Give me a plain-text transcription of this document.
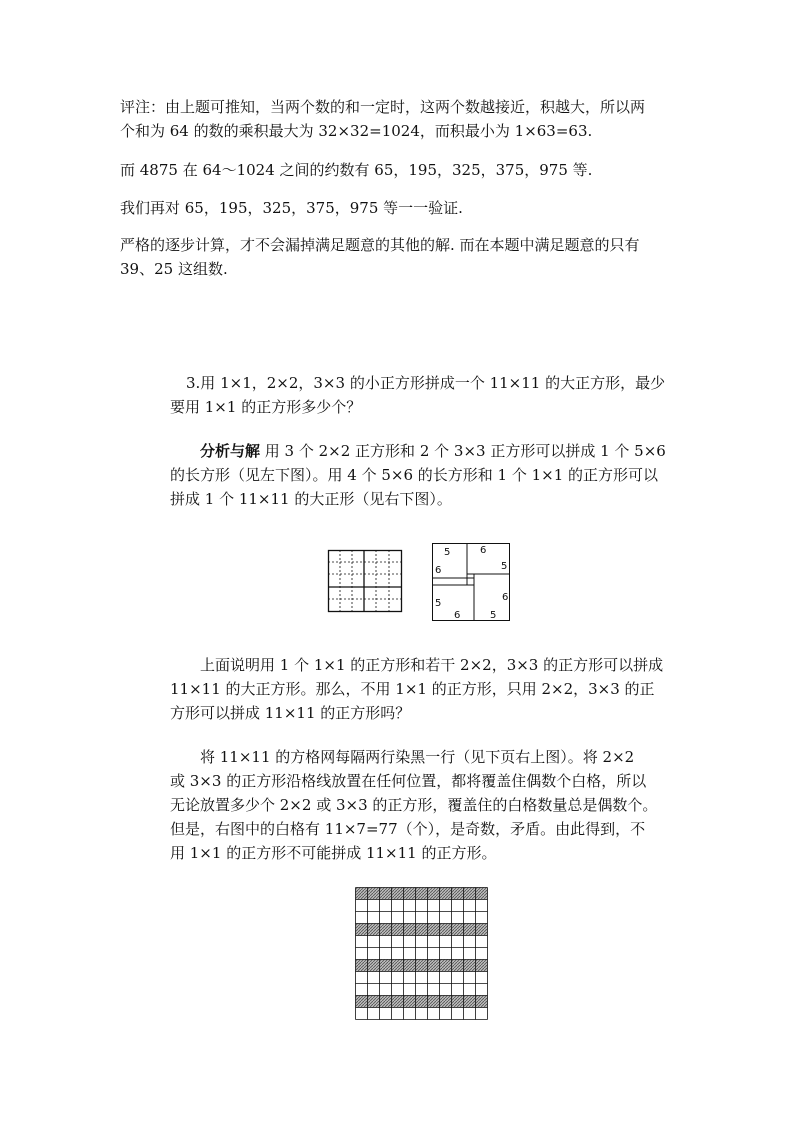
评注：由上题可推知，当两个数的和一定时，这两个数越接近，积越大，所以两
个和为 64 的数的乘积最大为 32×32=1024，而积最小为 1×63=63.
而 4875 在 64～1024 之间的约数有 65，195，325，375，975 等.
我们再对 65，195，325，375，975 等一一验证.
严格的逐步计算，才不会漏掉满足题意的其他的解. 而在本题中满足题意的只有
39、25 这组数.
3.用 1×1，2×2，3×3 的小正方形拼成一个 11×11 的大正方形，最少
要用 1×1 的正方形多少个？
分析与解 用 3 个 2×2 正方形和 2 个 3×3 正方形可以拼成 1 个 5×6
的长方形（见左下图）。用 4 个 5×6 的长方形和 1 个 1×1 的正方形可以
拼成 1 个 11×11 的大正形（见右下图）。
5	6
6	5
5
6
6
5
上面说明用 1 个 1×1 的正方形和若干 2×2，3×3 的正方形可以拼成
11×11 的大正方形。那么，不用 1×1 的正方形，只用 2×2，3×3 的正
方形可以拼成 11×11 的正方形吗？
将 11×11 的方格网每隔两行染黑一行（见下页右上图）。将 2×2
或 3×3 的正方形沿格线放置在任何位置，都将覆盖住偶数个白格，所以
无论放置多少个 2×2 或 3×3 的正方形，覆盖住的白格数量总是偶数个。
但是，右图中的白格有 11×7=77（个），是奇数，矛盾。由此得到，不
用 1×1 的正方形不可能拼成 11×11 的正方形。
